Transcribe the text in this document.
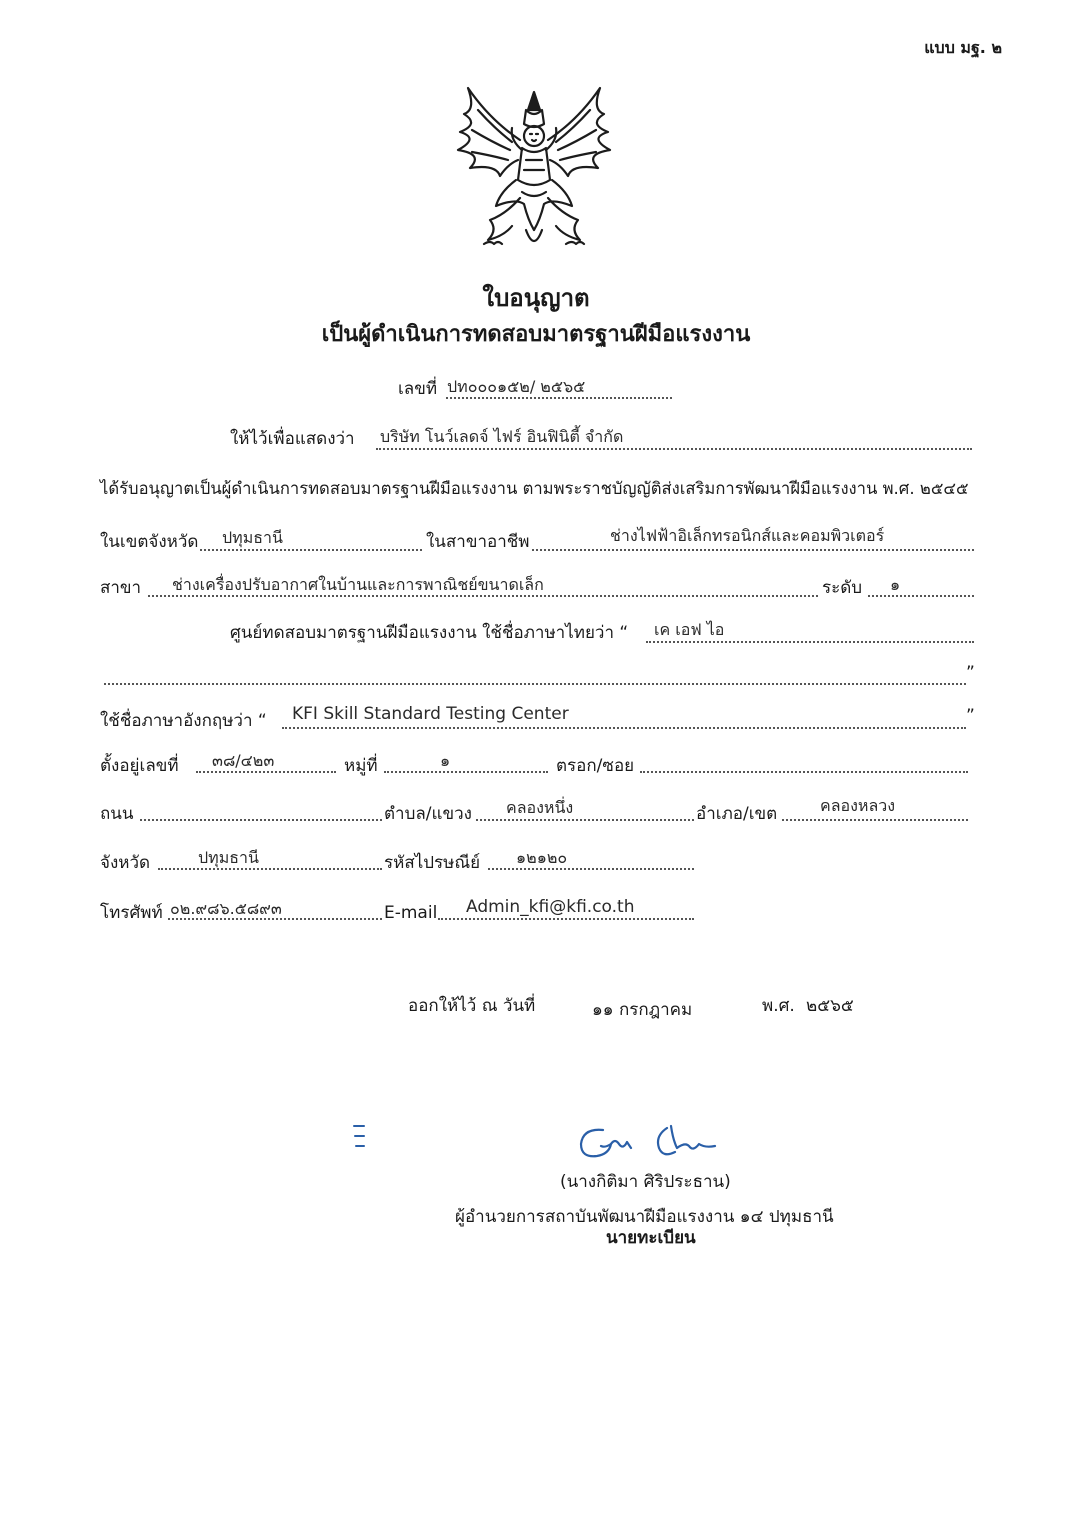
แบบ มฐ. ๒
ใบอนุญาต
เป็นผู้ดำเนินการทดสอบมาตรฐานฝีมือแรงงาน
เลขที่ ปท๐๐๐๑๕๒/ ๒๕๖๕
ให้ไว้เพื่อแสดงว่า บริษัท โนว์เลดจ์ ไฟร์ อินฟินิตี้ จำกัด
ได้รับอนุญาตเป็นผู้ดำเนินการทดสอบมาตรฐานฝีมือแรงงาน ตามพระราชบัญญัติส่งเสริมการพัฒนาฝีมือแรงงาน พ.ศ. ๒๕๔๕
ในเขตจังหวัด ปทุมธานี	ในสาขาอาชีพ	ช่างไฟฟ้าอิเล็กทรอนิกส์และคอมพิวเตอร์
สาขา ช่างเครื่องปรับอากาศในบ้านและการพาณิชย์ขนาดเล็ก	ระดับ ๑
ศูนย์ทดสอบมาตรฐานฝีมือแรงงาน ใช้ชื่อภาษาไทยว่า “ เค เอฟ ไอ
”
ใช้ชื่อภาษาอังกฤษว่า “ KFI Skill Standard Testing Center	”
ตั้งอยู่เลขที่ ๓๘/๔๒๓	หมู่ที่	๑	ตรอก/ซอย
ถนน	ตำบล/แขวง คลองหนึ่ง	อำเภอ/เขต	คลองหลวง
จังหวัด	ปทุมธานี	รหัสไปรษณีย์ ๑๒๑๒๐
โทรศัพท์ ๐๒.๙๘๖.๕๘๙๓	E-mail Admin_kfi@kfi.co.th
ออกให้ไว้ ณ วันที่	๑๑ กรกฎาคม	พ.ศ. ๒๕๖๕
(นางกิติมา ศิริประธาน)
ผู้อำนวยการสถาบันพัฒนาฝีมือแรงงาน ๑๔ ปทุมธานี
นายทะเบียน
